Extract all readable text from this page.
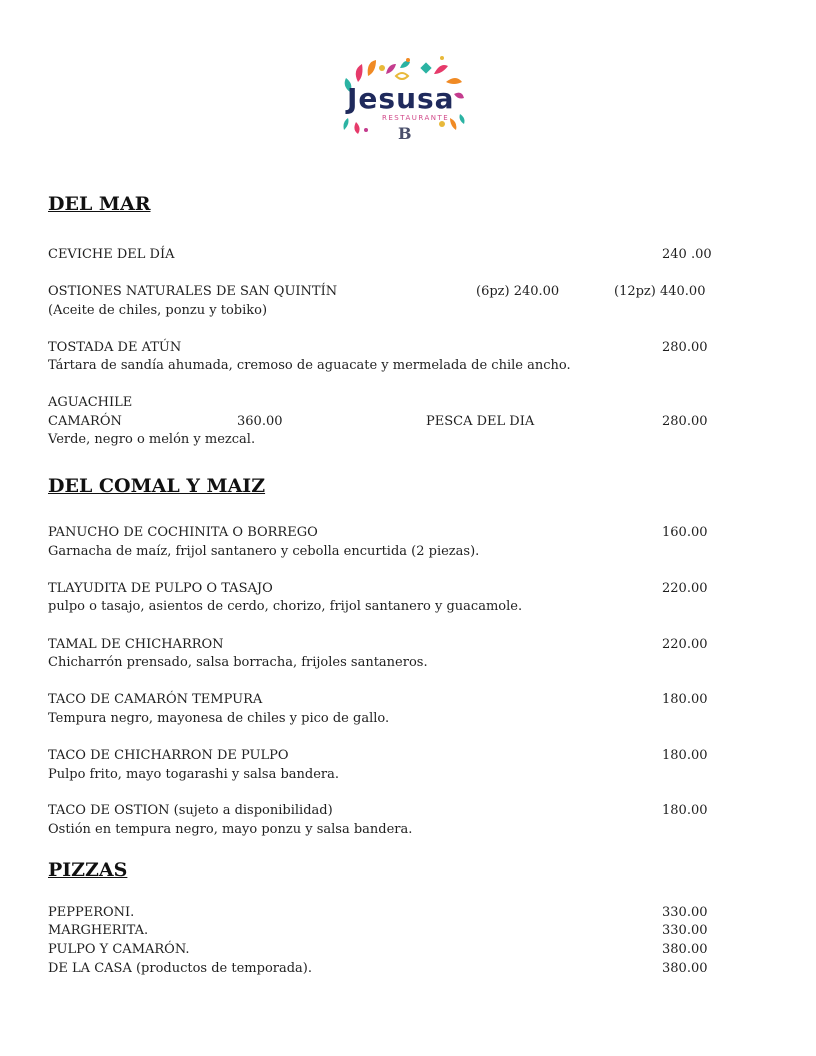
Jesusa
RESTAURANTE
B
DEL MAR
CEVICHE DEL DÍA	240 .00
OSTIONES NATURALES DE SAN QUINTÍN	(6pz) 240.00	(12pz) 440.00
(Aceite de chiles, ponzu y tobiko)
TOSTADA DE ATÚN	280.00
Tártara de sandía ahumada, cremoso de aguacate y mermelada de chile ancho.
AGUACHILE
CAMARÓN	360.00	PESCA DEL DIA	280.00
Verde, negro o melón y mezcal.
DEL COMAL Y MAIZ
PANUCHO DE COCHINITA O BORREGO	160.00
Garnacha de maíz, frijol santanero y cebolla encurtida (2 piezas).
TLAYUDITA DE PULPO O TASAJO	220.00
pulpo o tasajo, asientos de cerdo, chorizo, frijol santanero y guacamole.
TAMAL DE CHICHARRON	220.00
Chicharrón prensado, salsa borracha, frijoles santaneros.
TACO DE CAMARÓN TEMPURA	180.00
Tempura negro, mayonesa de chiles y pico de gallo.
TACO DE CHICHARRON DE PULPO	180.00
Pulpo frito, mayo togarashi y salsa bandera.
TACO DE OSTION (sujeto a disponibilidad)	180.00
Ostión en tempura negro, mayo ponzu y salsa bandera.
PIZZAS
PEPPERONI.	330.00
MARGHERITA.	330.00
PULPO Y CAMARÓN.	380.00
DE LA CASA (productos de temporada).	380.00
